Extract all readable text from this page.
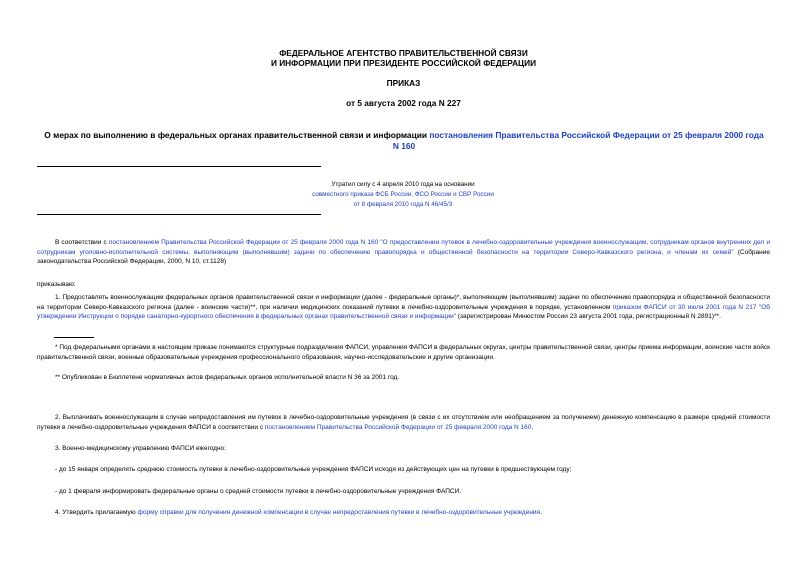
ФЕДЕРАЛЬНОЕ АГЕНТСТВО ПРАВИТЕЛЬСТВЕННОЙ СВЯЗИ
И ИНФОРМАЦИИ ПРИ ПРЕЗИДЕНТЕ РОССИЙСКОЙ ФЕДЕРАЦИИ
ПРИКАЗ
от 5 августа 2002 года N 227
О мерах по выполнению в федеральных органах правительственной связи и информации постановления Правительства Российской Федерации от 25 февраля 2000 года N 160
Утратил силу с 4 апреля 2010 года на основании
совместного приказа ФСБ России, ФСО России и СВР России
от 8 февраля 2010 года N 46/45/3
В соответствии с постановлением Правительства Российской Федерации от 25 февраля 2000 года N 160 "О предоставлении путевок в лечебно-оздоровительные учреждения военнослужащим, сотрудникам органов внутренних дел и сотрудникам уголовно-исполнительной системы, выполняющим (выполнявшим) задачи по обеспечению правопорядка и общественной безопасности на территории Северо-Кавказского региона, и членам их семей" (Собрание законодательства Российской Федерации, 2000, N 10, ст.1128)
приказываю:
1. Предоставлять военнослужащим федеральных органов правительственной связи и информации (далее - федеральные органы)*, выполняющим (выполнявшим) задачи по обеспечению правопорядка и общественной безопасности на территории Северо-Кавказского региона (далее - воинские части)**, при наличии медицинских показаний путевки в лечебно-оздоровительные учреждения в порядке, установленном приказом ФАПСИ от 30 июля 2001 года N 217 "Об утверждении Инструкции о порядке санаторно-курортного обеспечения в федеральных органах правительственной связи и информации" (зарегистрирован Минюстом России 23 августа 2001 года, регистрационный N 2891)**.
* Под федеральными органами в настоящем приказе понимаются структурные подразделения ФАПСИ, управления ФАПСИ в федеральных округах, центры правительственной связи, центры приема информации, воинские части войск правительственной связи, военные образовательные учреждения профессионального образования, научно-исследовательские и другие организации.
** Опубликован в Бюллетене нормативных актов федеральных органов исполнительной власти N 36 за 2001 год.
2. Выплачивать военнослужащим в случае непредоставления им путевок в лечебно-оздоровительные учреждения (в связи с их отсутствием или необращением за получением) денежную компенсацию в размере средней стоимости путевки в лечебно-оздоровительные учреждения ФАПСИ в соответствии с постановлением Правительства Российской Федерации от 25 февраля 2000 года N 160.
3. Военно-медицинскому управлению ФАПСИ ежегодно:
- до 15 января определять среднюю стоимость путевки в лечебно-оздоровительные учреждения ФАПСИ исходя из действующих цен на путевки в предшествующем году;
- до 1 февраля информировать федеральные органы о средней стоимости путевки в лечебно-оздоровительные учреждения ФАПСИ.
4. Утвердить прилагаемую форму справки для получения денежной компенсации в случае непредоставления путевки в лечебно-оздоровительные учреждения.
